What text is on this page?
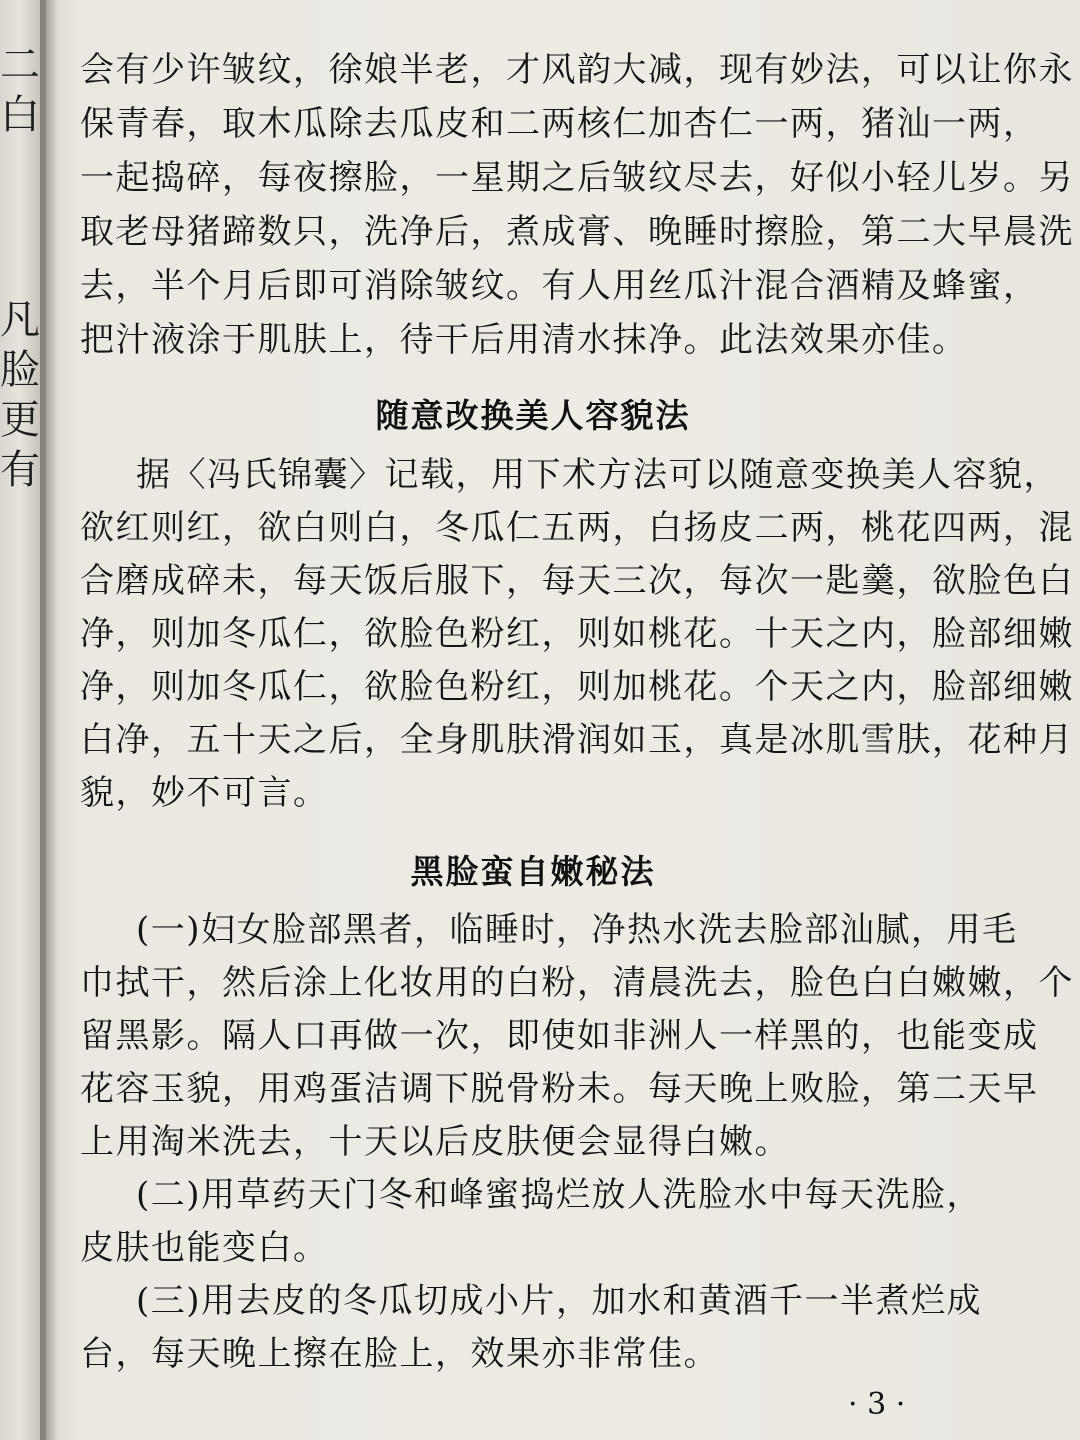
二
白
凡
脸
更
有
会有少许皱纹，徐娘半老，才风韵大减，现有妙法，可以让你永
保青春，取木瓜除去瓜皮和二两核仁加杏仁一两，猪汕一两，
一起捣碎，每夜擦脸，一星期之后皱纹尽去，好似小轻儿岁。另
取老母猪蹄数只，洗净后，煮成膏、晚睡时擦脸，第二大早晨洗
去，半个月后即可消除皱纹。有人用丝瓜汁混合酒精及蜂蜜，
把汁液涂于肌肤上，待干后用清水抹净。此法效果亦佳。
随意改换美人容貌法
据〈冯氏锦囊〉记载，用下术方法可以随意变换美人容貌，
欲红则红，欲白则白，冬瓜仁五两，白扬皮二两，桃花四两，混
合磨成碎未，每天饭后服下，每天三次，每次一匙羹，欲脸色白
净，则加冬瓜仁，欲脸色粉红，则如桃花。十天之内，脸部细嫩
净，则加冬瓜仁，欲脸色粉红，则加桃花。个天之内，脸部细嫩
白净，五十天之后，全身肌肤滑润如玉，真是冰肌雪肤，花种月
貌，妙不可言。
黑脸蛮自嫩秘法
(一)妇女脸部黑者，临睡时，净热水洗去脸部汕腻，用毛
巾拭干，然后涂上化妆用的白粉，清晨洗去，脸色白白嫩嫩，个
留黑影。隔人口再做一次，即使如非洲人一样黑的，也能变成
花容玉貌，用鸡蛋洁调下脱骨粉未。每天晚上败脸，第二天早
上用淘米洗去，十天以后皮肤便会显得白嫩。
(二)用草药天门冬和峰蜜捣烂放人洗脸水中每天洗脸，
皮肤也能变白。
(三)用去皮的冬瓜切成小片，加水和黄酒千一半煮烂成
台，每天晚上擦在脸上，效果亦非常佳。
· 3 ·
